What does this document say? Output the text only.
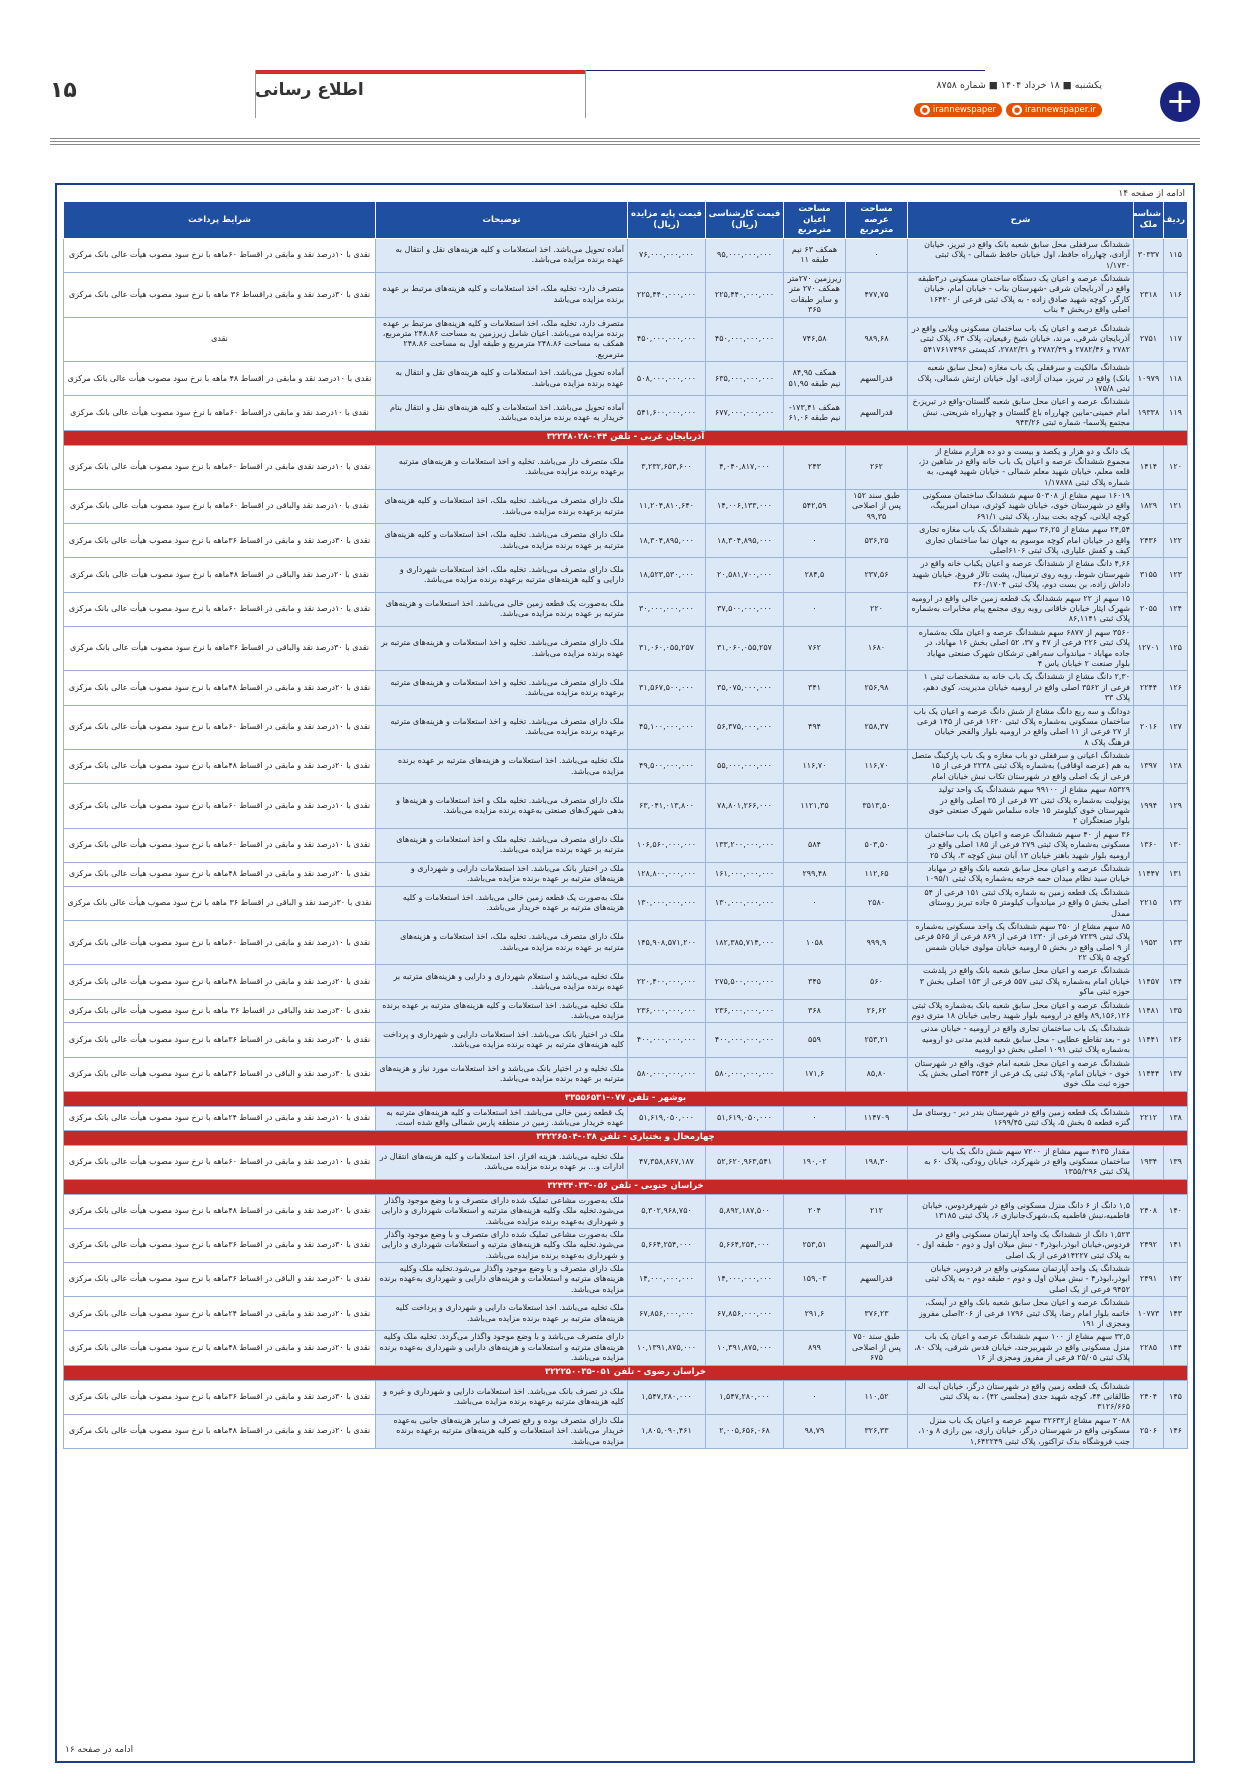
+
یکشنبه ■ ۱۸ خرداد ۱۴۰۴ ■ شماره ۸۷۵۸
● irannewspaper	● irannewspaper.ir
اطلاع رسانی
۱۵
ادامه از صفحه ۱۴
ردیف	شناسه ملک	شرح	مساحت عرصه مترمربع	مساحت اعیان مترمربع	قیمت کارشناسی (ریال)	قیمت پایه مزایده (ریال)	توضیحات	شرایط پرداخت
۱۱۵	۳۰۳۳۷	ششدانگ سرقفلی محل سابق شعبه بانک واقع در تبریز، خیابان آزادی، چهارراه حافظ، اول خیابان حافظ شمالی - پلاک ثبتی ۱/۱۷۳۰	۰	همکف ۶۳ نیم طبقه ۱۱	۹۵,۰۰۰,۰۰۰,۰۰۰	۷۶,۰۰۰,۰۰۰,۰۰۰	آماده تحویل می‌باشد. اخذ استعلامات و کلیه هزینه‌های نقل و انتقال به عهده برنده مزایده می‌باشد.	نقدی با ۱۰درصد نقد و مابقی در اقساط ۶۰ماهه با نرخ سود مصوب هیأت عالی بانک مرکزی
۱۱۶	۲۳۱۸	ششدانگ عرصه و اعیان یک دستگاه ساختمان مسکونی در۳طبقه واقع در آذربایجان شرقی -شهرستان بناب - خیابان امام، خیابان کارگر، کوچه شهید صادق زاده - به پلاک ثبتی فرعی از ۱۶۴۲۰ اصلی واقع دربخش ۴ بناب	۴۷۷,۷۵	زیرزمین ۲۷۰متر همکف ۲۷۰ متر و سایر طبقات ۳۶۵	۲۲۵,۴۴۰,۰۰۰,۰۰۰	۲۲۵,۴۴۰,۰۰۰,۰۰۰	متصرف دارد- تخلیه ملک، اخذ استعلامات و کلیه هزینه‌های مرتبط بر عهده برنده مزایده می‌باشد	نقدی با ۳۰درصد نقد و مابقی دراقساط ۳۶ ماهه با نرخ سود مصوب هیأت عالی بانک مرکزی
۱۱۷	۲۷۵۱	ششدانگ عرصه و اعیان یک باب ساختمان مسکونی ویلایی واقع در آذربایجان شرقی، مرند، خیابان شیخ رفیعیان، پلاک ۶۳، پلاک ثبتی ۲۷۸۲ و ۲۷۸۲/۴۶ و ۲۷۸۲/۴۹ و ۲۷۸۲/۳۱، کدپستی ۵۴۱۷۶۱۷۴۹۶	۹۸۹,۶۸	۷۴۶,۵۸	۴۵۰,۰۰۰,۰۰۰,۰۰۰	۴۵۰,۰۰۰,۰۰۰,۰۰۰	متصرف دارد، تخلیه ملک، اخذ استعلامات و کلیه هزینه‌های مرتبط بر عهده برنده مزایده می‌باشد. اعیان شامل زیرزمین به مساحت ۲۴۸.۸۶ مترمربع، همکف به مساحت ۲۴۸.۸۶ مترمربع و طبقه اول به مساحت ۲۴۸.۸۶ مترمربع.	نقدی
۱۱۸	۱۰۹۷۹	ششدانگ مالکیت و سرقفلی یک باب مغازه (محل سابق شعبه بانک) واقع در تبریز، میدان آزادی، اول خیابان ارتش شمالی، پلاک ثبتی ۱۷۵/۸	قدرالسهم	همکف ۸۴,۹۵ نیم طبقه ۵۱,۹۵	۶۳۵,۰۰۰,۰۰۰,۰۰۰	۵۰۸,۰۰۰,۰۰۰,۰۰۰	آماده تحویل می‌باشد. اخذ استعلامات و کلیه هزینه‌های نقل و انتقال به عهده برنده مزایده می‌باشد.	نقدی با ۱۰درصد نقد و مابقی در اقساط ۴۸ ماهه با نرخ سود مصوب هیأت عالی بانک مرکزی
۱۱۹	۱۹۳۳۸	ششدانگ عرصه و اعیان محل سابق شعبه گلستان-واقع در تبریز،خ امام خمینی-مابین چهارراه باغ گلستان و چهارراه شریعتی. نبش مجتمع پلاسما- شماره ثبتی ۹۴۳/۲۶	قدرالسهم	همکف ۱۷۳,۴۱- نیم طبقه ۶۱,۰۶	۶۷۷,۰۰۰,۰۰۰,۰۰۰	۵۴۱,۶۰۰,۰۰۰,۰۰۰	آماده تحویل می‌باشد. اخذ استعلامات و کلیه هزینه‌های نقل و انتقال بنام خریدار به عهده برنده مزایده می‌باشد.	نقدی با ۱۰درصد نقد و مابقی دراقساط ۶۰ماهه با نرخ سود مصوب هیأت عالی بانک مرکزی
آذربایجان غربی - تلفن ۰۴۴-۳۲۲۳۸۰۲۸								
۱۲۰	۱۴۱۴	یک دانگ و دو هزار و یکصد و بیست و دو ده هزارم مشاع از مجموع ششدانگ عرصه و اعیان یک باب خانه واقع در شاهین دژ، قلعه معلم، خیابان شهید معلم شمالی - خیابان شهید فهمی، به شماره پلاک ثبتی ۱/۱۷۸۷۸	۲۶۲	۲۴۳	۴,۰۴۰,۸۱۷,۰۰۰	۳,۲۳۲,۶۵۳,۶۰۰	ملک متصرف دار می‌باشد. تخلیه و اخذ استعلامات و هزینه‌های مترتبه برعهده برنده مزایده می‌باشد.	نقدی با ۱۰درصد نقدی مابقی در اقساط ۶۰ماهه با نرخ سود مصوب هیأت عالی بانک مرکزی
۱۲۱	۱۸۲۹	۱۶۰۱۹ سهم مشاع از ۵۰۳۰۸ سهم ششدانگ ساختمان مسکونی واقع در شهرستان خوی، خیابان شهید کوثری، میدان امیربیگ، کوچه ایلانی، کوچه بخت بیدار، پلاک ثبتی ۶۹۱/۱	طبق سند ۱۵۲ پس از اصلاحی ۹۹,۳۵	۵۴۲,۵۹	۱۴,۰۰۶,۱۳۳,۰۰۰	۱۱,۲۰۴,۸۱۰,۶۴۰	ملک دارای متصرف می‌باشد. تخلیه ملک، اخذ استعلامات و کلیه هزینه‌های مترتبه برعهده برنده مزایده می‌باشد.	نقدی با ۱۰درصد نقد والباقی در اقساط ۶۰ماهه با نرخ سود مصوب هیأت عالی بانک مرکزی
۱۲۲	۲۴۳۶	۲۴,۵۴ سهم مشاع از ۳۶,۲۵ سهم ششدانگ یک باب مغازه تجاری واقع در خیابان امام کوچه موسوم به جهان نما ساختمان تجاری کیف و کفش علیاری، پلاک ثبتی ۶۱۰۶اصلی	۵۳۶,۲۵	۰	۱۸,۳۰۴,۸۹۵,۰۰۰	۱۸,۳۰۴,۸۹۵,۰۰۰	ملک دارای متصرف می‌باشد. تخلیه ملک، اخذ استعلامات و کلیه هزینه‌های مترتبه بر عهده برنده مزایده می‌باشد.	نقدی با ۳۰درصد نقد و مابقی در اقساط ۳۶ماهه با نرخ سود مصوب هیأت عالی بانک مرکزی
۱۲۳	۳۱۵۵	۴,۶۶ دانگ مشاع از ششدانگ عرصه و اعیان یکباب خانه واقع در شهرستان شوط، روبه روی ترمینال، پشت تالار فروغ، خیابان شهید داداش زاده، بن بست دوم، پلاک ثبتی ۳۶۰/۱۷۰۴	۲۳۷,۵۶	۲۸۴,۵	۲۰,۵۸۱,۷۰۰,۰۰۰	۱۸,۵۲۳,۵۳۰,۰۰۰	ملک دارای متصرف می‌باشد. تخلیه ملک، اخذ استعلامات شهرداری و دارایی و کلیه هزینه‌های مترتبه برعهده برنده مزایده می‌باشد.	نقدی با ۲۰درصد نقد والباقی در اقساط ۴۸ماهه با نرخ سود مصوب هیأت عالی بانک مرکزی
۱۲۴	۲۰۵۵	۱۵ سهم از ۲۲ سهم ششدانگ یک قطعه زمین خالی واقع در ارومیه شهرک ایثار خیابان خاقانی روبه روی مجتمع پیام مخابرات به‌شماره پلاک ثبتی ۸۶,۱۱۴۱	۲۲۰	۰	۳۷,۵۰۰,۰۰۰,۰۰۰	۳۰,۰۰۰,۰۰۰,۰۰۰	ملک به‌صورت یک قطعه زمین خالی می‌باشد. اخذ استعلامات و هزینه‌های مترتبه بر عهده برنده مزایده می‌باشد.	نقدی با ۱۰درصد نقد و مابقی در اقساط ۶۰ماهه با نرخ سود مصوب هیأت عالی بانک مرکزی
۱۲۵	۱۲۷۰۱	۳۵۶۰ سهم از ۶۸۷۷ سهم ششدانگ عرصه و اعیان ملک به‌شماره پلاک ثبتی ۲۲۶ فرعی از ۴۷ و ۳۷، ۵۲ اصلی بخش ۱۶ مهاباد، در جاده مهاباد - میاندوآب سه‌راهی ترشکان شهرک صنعتی مهاباد بلوار صنعت ۲ خیابان یاس ۴	۱۶۸۰	۷۶۲	۳۱,۰۶۰,۰۵۵,۲۵۷	۳۱,۰۶۰,۰۵۵,۲۵۷	ملک دارای متصرف می‌باشد. تخلیه و اخذ استعلامات و هزینه‌های مترتبه بر عهده برنده مزایده می‌باشد.	نقدی با ۳۰درصد نقد والباقی در اقساط ۳۶ماهه با نرخ سود مصوب هیأت عالی بانک مرکزی
۱۲۶	۲۲۴۴	۲,۳۰ دانگ مشاع از ششدانگ یک باب خانه به مشخصات ثبتی ۱ فرعی از ۳۵۶۲ اصلی واقع در ارومیه خیابان مدیریت، کوی دهم، پلاک ۳۳	۲۵۶,۹۸	۳۴۱	۳۵,۰۷۵,۰۰۰,۰۰۰	۳۱,۵۶۷,۵۰۰,۰۰۰	ملک دارای متصرف می‌باشد. تخلیه و اخذ استعلامات و هزینه‌های مترتبه برعهده برنده مزایده می‌باشد.	نقدی با ۲۰درصد نقد و مابقی در اقساط ۴۸ماهه با نرخ سود مصوب هیأت عالی بانک مرکزی
۱۲۷	۲۰۱۶	دودانگ و سه ربع دانگ مشاع از شش دانگ عرصه و اعیان یک باب ساختمان مسکونی به‌شماره پلاک ثبتی ۱۶۲۰ فرعی از ۱۴۵ فرعی از ۲۷ فرعی از ۱۱ اصلی واقع در ارومیه بلوار والفجر خیابان فرهنگ پلاک ۸	۲۵۸,۳۷	۴۹۴	۵۶,۳۷۵,۰۰۰,۰۰۰	۴۵,۱۰۰,۰۰۰,۰۰۰	ملک دارای متصرف می‌باشد. تخلیه و اخذ استعلامات و هزینه‌های مترتبه برعهده برنده مزایده می‌باشد.	نقدی با ۱۰درصد نقد و مابقی در اقساط ۶۰ماهه با نرخ سود مصوب هیأت عالی بانک مرکزی
۱۲۸	۱۳۹۷	ششدانگ اعیانی و سرقفلی دو باب مغازه و یک باب پارکینگ متصل به هم (عرصه اوقافی) به‌شماره پلاک ثبتی ۲۲۳۸ فرعی از ۱۵ فرعی از یک اصلی واقع در شهرستان تکاب نبش خیابان امام	۱۱۶,۷۰	۱۱۶,۷۰	۵۵,۰۰۰,۰۰۰,۰۰۰	۴۹,۵۰۰,۰۰۰,۰۰۰	ملک تخلیه می‌باشد. اخذ استعلامات و هزینه‌های مترتبه بر عهده برنده مزایده می‌باشد.	نقدی با ۲۰درصد نقد و مابقی در اقساط ۴۸ماهه با نرخ سود مصوب هیأت عالی بانک مرکزی
۱۲۹	۱۹۹۴	۸۵۳۲۹ سهم مشاع از ۹۹۱۰۰ سهم ششدانگ یک واحد تولید یونولیت به‌شماره پلاک ثبتی ۷۲ فرعی از ۳۵ اصلی واقع در شهرستان خوی کیلومتر ۱۵ جاده سلماس شهرک صنعتی خوی بلوار صنعتگران ۲	۳۵۱۳,۵۰	۱۱۲۱,۳۵	۷۸,۸۰۱,۲۶۶,۰۰۰	۶۳,۰۴۱,۰۱۳,۸۰۰	ملک دارای متصرف می‌باشد. تخلیه ملک و اخذ استعلامات و هزینه‌ها و بدهی شهرک‌های صنعتی به‌عهده برنده مزایده می‌باشد.	نقدی با ۱۰درصد نقد و مابقی در اقساط ۶۰ماهه با نرخ سود مصوب هیأت عالی بانک مرکزی
۱۳۰	۱۳۶۰	۳۶ سهم از ۴۰ سهم ششدانگ عرصه و اعیان یک باب ساختمان مسکونی به‌شماره پلاک ثبتی ۲۷۹ فرعی از ۱۸۵ اصلی واقع در ارومیه بلوار شهید باهنر خیابان ۱۳ آبان نبش کوچه ۳، پلاک ۲۵	۵۰۳,۵۰	۵۸۴	۱۳۳,۲۰۰,۰۰۰,۰۰۰	۱۰۶,۵۶۰,۰۰۰,۰۰۰	ملک دارای متصرف می‌باشد. تخلیه ملک و اخذ استعلامات و هزینه‌های مترتبه بر عهده برنده مزایده می‌باشد.	نقدی با ۱۰درصد نقد و مابقی در اقساط ۶۰ماهه با نرخ سود مصوب هیأت عالی بانک مرکزی
۱۳۱	۱۱۴۴۷	ششدانگ عرصه و اعیان محل سابق شعبه بانک واقع در مهاباد خیابان سید نظام میدان حمه خرجه به‌شماره پلاک ثبتی ۱۰۹۵/۱	۱۱۲,۶۵	۲۹۹,۴۸	۱۶۱,۰۰۰,۰۰۰,۰۰۰	۱۲۸,۸۰۰,۰۰۰,۰۰۰	ملک در اختیار بانک می‌باشد. اخذ استعلامات دارایی و شهرداری و هزینه‌های مترتبه بر عهده برنده مزایده می‌باشد.	نقدی با ۲۰درصد نقد و مابقی در اقساط ۴۸ماهه با نرخ سود مصوب هیأت عالی بانک مرکزی
۱۳۲	۲۲۱۵	ششدانگ یک قطعه زمین به شماره پلاک ثبتی ۱۵۱ فرعی از ۵۴ اصلی بخش ۵ واقع در میاندوآب کیلومتر ۵ جاده تبریز روستای ممدل	۲۵۸۰	۰	۱۳۰,۰۰۰,۰۰۰,۰۰۰	۱۳۰,۰۰۰,۰۰۰,۰۰۰	ملک به‌صورت یک قطعه زمین خالی می‌باشد. اخذ استعلامات و کلیه هزینه‌های مترتبه بر عهده خریدار می‌باشد.	نقدی با ۳۰درصد نقد و الباقی در اقساط ۳۶ ماهه با نرخ سود مصوب هیأت عالی بانک مرکزی
۱۳۳	۱۹۵۳	۸۵ سهم مشاع از ۳۵۰ سهم ششدانگ یک واحد مسکونی به‌شماره پلاک ثبتی ۷۲۳۹ فرعی از ۱۲۳۰ فرعی از ۸۶۹ فرعی از ۵۶۵ فرعی از ۹ اصلی واقع در بخش ۵ ارومیه خیابان مولوی خیابان شمس کوچه ۵ پلاک ۲۲	۹۹۹,۹	۱۰۵۸	۱۸۲,۳۸۵,۷۱۴,۰۰۰	۱۴۵,۹۰۸,۵۷۱,۲۰۰	ملک دارای متصرف می‌باشد. تخلیه ملک، اخذ استعلامات و هزینه‌های مترتبه بر عهده برنده مزایده می‌باشد.	نقدی با ۱۰درصد نقد و مابقی در اقساط ۶۰ماهه با نرخ سود مصوب هیأت عالی بانک مرکزی
۱۳۴	۱۱۴۵۷	ششدانگ عرصه و اعیان محل سابق شعبه بانک واقع در پلدشت خیابان امام به‌شماره پلاک ثبتی ۵۵۷ فرعی از ۱۵۳ اصلی بخش ۳ حوزه ثبتی ماکو	۵۶۰	۳۴۵	۲۷۵,۵۰۰,۰۰۰,۰۰۰	۲۲۰,۴۰۰,۰۰۰,۰۰۰	ملک تخلیه می‌باشد و استعلام شهرداری و دارایی و هزینه‌های مترتبه بر عهده برنده مزایده می‌باشد.	نقدی با ۲۰درصد نقد و مابقی در اقساط ۴۸ماهه با نرخ سود مصوب هیأت عالی بانک مرکزی
۱۳۵	۱۱۴۸۱	ششدانگ عرصه و اعیان محل سابق شعبه بانک به‌شماره پلاک ثبتی ۸۹,۱۵۶,۱۲۶ واقع در ارومیه بلوار شهید رجایی خیابان ۱۸ متری دوم	۲۶,۶۲	۳۶۸	۲۳۶,۰۰۰,۰۰۰,۰۰۰	۲۳۶,۰۰۰,۰۰۰,۰۰۰	ملک تخلیه می‌باشد. اخذ استعلامات و کلیه هزینه‌های مترتبه بر عهده برنده مزایده می‌باشد.	نقدی با ۳۰درصد نقد والباقی در اقساط ۳۶ ماهه با نرخ سود مصوب هیأت عالی بانک مرکزی
۱۳۶	۱۱۴۴۱	ششدانگ یک باب ساختمان تجاری واقع در ارومیه - خیابان مدنی دو - بعد تقاطع عطایی - محل سابق شعبه قدیم مدنی دو ارومیه به‌شماره پلاک ثبتی ۱۰۹۱ اصلی بخش دو ارومیه	۲۵۳,۲۱	۵۵۹	۴۰۰,۰۰۰,۰۰۰,۰۰۰	۴۰۰,۰۰۰,۰۰۰,۰۰۰	ملک در اختیار بانک می‌باشد. اخذ استعلامات دارایی و شهرداری و پرداخت کلیه هزینه‌های مترتبه بر عهده برنده مزایده می‌باشد.	نقدی با ۳۰درصد نقد و مابقی در اقساط ۳۶ماهه با نرخ سود مصوب هیأت عالی بانک مرکزی
۱۳۷	۱۱۴۴۴	ششدانگ عرصه و اعیان محل شعبه امام خوی، واقع در شهرستان خوی - خیابان امام- پلاک ثبتی یک فرعی از ۳۵۴۴ اصلی بخش یک حوزه ثبت ملک خوی	۸۵,۸۰	۱۷۱,۶	۵۸۰,۰۰۰,۰۰۰,۰۰۰	۵۸۰,۰۰۰,۰۰۰,۰۰۰	ملک تخلیه و در اختیار بانک می‌باشد و اخذ استعلامات مورد نیاز و هزینه‌های مترتبه بر عهده برنده مزایده می‌باشد.	نقدی با ۳۰درصد نقد و الباقی در اقساط ۳۶ماهه با نرخ سود مصوب هیأت عالی بانک مرکزی
بوشهر - تلفن ۰۷۷-۳۳۵۵۶۵۳۱								
۱۳۸	۲۲۱۲	ششدانگ یک قطعه زمین واقع در شهرستان بندر دیر - روستای مل گنزه قطعه ۵ بخش ۵، پلاک ثبتی ۱۶۹۹/۴۵	۱۱۴۷۰۹	۰	۵۱,۶۱۹,۰۵۰,۰۰۰	۵۱,۶۱۹,۰۵۰,۰۰۰	یک قطعه زمین خالی می‌باشد. اخذ استعلامات و کلیه هزینه‌های مترتبه به عهده خریدار می‌باشد. زمین در منطقه پارس شمالی واقع شده است.	نقدی با ۱۰درصد نقد و مابقی در اقساط ۲۴ماهه با نرخ سود مصوب هیأت عالی بانک مرکزی
چهارمحال و بختیاری - تلفن ۰۳۸-۳۳۲۲۶۵۰۴								
۱۳۹	۱۹۳۴	مقدار ۴۱۳۵ سهم مشاع از ۷۲۰۰ سهم شش دانگ یک باب ساختمان مسکونی واقع در شهرکرد، خیابان رودکی، پلاک ۶۰ به پلاک ثبتی ۱۳۵۵/۲۹۶	۱۹۸,۳۰	۱۹۰,۰۲	۵۲,۶۲۰,۹۶۳,۵۴۱	۴۷,۳۵۸,۸۶۷,۱۸۷	ملک تخلیه می‌باشد. هزینه افراز، اخذ استعلامات و کلیه هزینه‌های انتقال در ادارات و... بر عهده برنده مزایده می‌باشد.	نقدی با ۱۰درصد نقد و مابقی در اقساط ۶۰ماهه با نرخ سود مصوب هیأت عالی بانک مرکزی
خراسان جنوبی - تلفن ۰۵۶-۳۲۴۳۴۰۳۳								
۱۴۰	۲۴۰۸	۱,۵ دانگ از ۶ دانگ منزل مسکونی واقع در شهرفردوس، خیابان فاطمیه،نبش فاطمیه یک،شهرک‌جانبازی ۶، پلاک ثبتی ۱۳۱۸۵	۲۱۲	۲۰۴	۵,۸۹۲,۱۸۷,۵۰۰	۵,۳۰۲,۹۶۸,۷۵۰	ملک به‌صورت مشاعی تملیک شده دارای متصرف و با وضع موجود واگذار می‌شود.تخلیه ملک وکلیه هزینه‌های مترتبه و استعلامات شهرداری و دارایی و شهرداری به‌عهده برنده مزایده می‌باشد.	نقدی با ۲۰درصد نقد و مابقی در اقساط ۴۸ماهه با نرخ سود مصوب هیأت عالی بانک مرکزی
۱۴۱	۲۴۹۲	۱,۵۲۳ دانگ از ششدانگ یک واحد آپارتمان مسکونی واقع در فردوس،خیابان ابوذر،ابوذر۴ - نبش میلان اول و دوم - طبقه اول - به پلاک ثبتی ۱۴۲۲۷فرعی از یک اصلی	قدرالسهم	۲۵۳,۵۱	۵,۶۶۴,۲۵۴,۰۰۰	۵,۶۶۴,۲۵۴,۰۰۰	ملک به‌صورت مشاعی تملیک شده دارای متصرف و با وضع موجود واگذار می‌شود.تخلیه ملک وکلیه هزینه‌های مترتبه و استعلامات شهرداری و دارایی و شهرداری به‌عهده برنده مزایده می‌باشد.	نقدی با ۳۰درصد نقد و مابقی در اقساط ۳۶ماهه با نرخ سود مصوب هیأت عالی بانک مرکزی
۱۴۲	۲۴۹۱	ششدانگ یک واحد آپارتمان مسکونی واقع در فردوس، خیابان ابوذر،ابوذر۴ - نبش میلان اول و دوم - طبقه دوم - به پلاک ثبتی ۹۴۵۲ فرعی از یک اصلی	قدرالسهم	۱۵۹,۰۳	۱۴,۰۰۰,۰۰۰,۰۰۰	۱۴,۰۰۰,۰۰۰,۰۰۰	ملک دارای متصرف و با وضع موجود واگذار می‌شود.تخلیه ملک وکلیه هزینه‌های مترتبه و استعلامات و هزینه‌های دارایی و شهرداری به‌عهده برنده مزایده می‌باشد.	نقدی با ۳۰درصد نقد و الباقی در اقساط ۳۶ماهه با نرخ سود مصوب هیأت عالی بانک مرکزی
۱۴۳	۱۰۷۷۳	ششدانگ عرصه و اعیان محل سابق شعبه بانک واقع در آیسک، خاتمه بلوار امام رضا، پلاک ثبتی ۱۷۹۶ فرعی از ۲۰۶اصلی مفروز ومجزی از ۱۹۱	۳۷۶,۲۳	۲۹۱,۶	۶۷,۸۵۶,۰۰۰,۰۰۰	۶۷,۸۵۶,۰۰۰,۰۰۰	ملک تخلیه می‌باشد. اخذ استعلامات دارایی و شهرداری و پرداخت کلیه هزینه‌های مترتبه بر عهده برنده مزایده می‌باشد.	نقدی با ۲۰درصد نقد و مابقی در اقساط ۲۴ماهه با نرخ سود مصوب هیأت عالی بانک مرکزی
۱۴۴	۲۲۸۵	۳۲,۵ سهم مشاع از ۱۰۰ سهم ششدانگ عرصه و اعیان یک باب منزل مسکونی واقع در شهربیرجند، خیابان قدس شرقی، پلاک ۸۰، پلاک ثبتی ۲۵/۰۵ فرعی از مفروز ومجزی از ۱۶	طبق سند ۷۵۰ پس از اصلاحی ۶۷۵	۸۹۹	۱۰,۳۹۱,۸۷۵,۰۰۰	۱۰,۱۳۹۱,۸۷۵,۰۰۰	دارای متصرف می‌باشد و با وضع موجود واگذار می‌گردد. تخلیه ملک وکلیه هزینه‌های مترتبه و استعلامات و هزینه‌های دارایی و شهرداری به‌عهده برنده مزایده می‌باشد.	نقدی با ۲۰درصد نقد و مابقی در اقساط ۴۸ماهه با نرخ سود مصوب هیأت عالی بانک مرکزی
خراسان رضوی - تلفن ۰۵۱-۳۲۲۲۵۰۰۳۵								
۱۴۵	۲۴۰۴	ششدانگ یک قطعه زمین واقع در شهرستان درگز، خیابان آیت اله طالقانی ۴۴، کوچه شهید جدی (مجلسی ۴۲) ، به پلاک ثبتی ۳۱۲۶/۶۶۵	۱۱۰,۵۲	۰	۱,۵۴۷,۲۸۰,۰۰۰	۱,۵۴۷,۲۸۰,۰۰۰	ملک در تصرف بانک می‌باشد. اخذ استعلامات دارایی و شهرداری و غیره و کلیه هزینه‌های مترتبه برعهده برنده مزایده می‌باشد.	نقدی با ۳۰درصد نقد و مابقی در اقساط ۳۶ماهه با نرخ سود مصوب هیأت عالی بانک مرکزی
۱۴۶	۲۵۰۶	۲۰۸۸ سهم مشاع از۳۲۶۳۲ سهم عرصه و اعیان یک باب منزل مسکونی واقع در شهرستان درگز، خیابان رازی، بین رازی ۸ و۱۰، جنب فروشگاه بدک تراکتور، پلاک ثبتی ۱,۶۴۲۲۴۹	۳۲۶,۳۳	۹۸,۷۹	۲,۰۰۵,۶۵۶,۰۶۸	۱,۸۰۵,۰۹۰,۴۶۱	ملک دارای متصرف بوده و رفع تصرف و سایر هزینه‌های جانبی به‌عهده خریدار می‌باشد. اخذ استعلامات و کلیه هزینه‌های مترتبه برعهده برنده مزایده می‌باشد.	نقدی با ۲۰درصد نقد و مابقی در اقساط ۴۸ماهه با نرخ سود مصوب هیأت عالی بانک مرکزی
ادامه در صفحه ۱۶
